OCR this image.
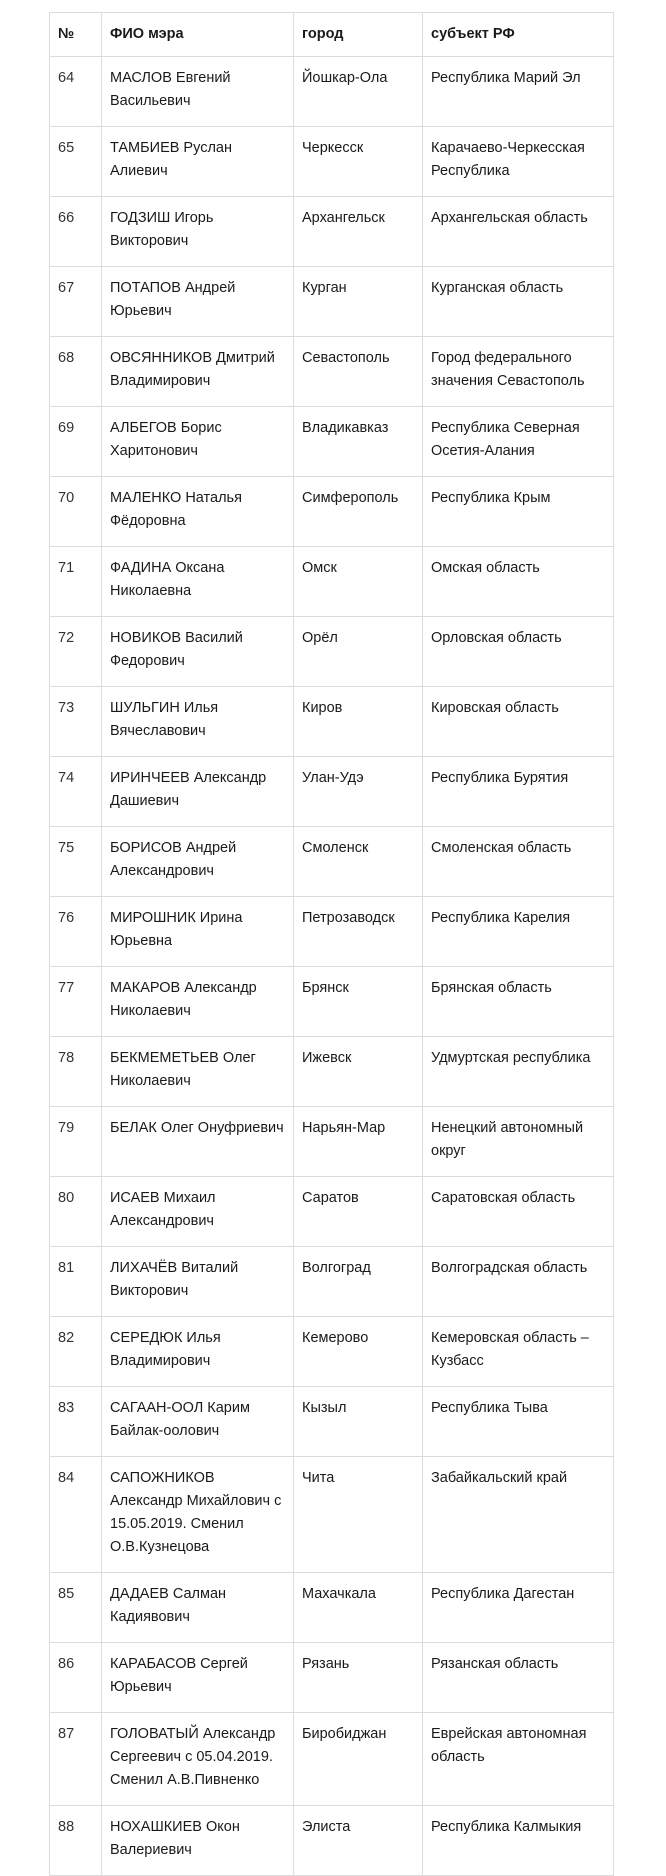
№	ФИО мэра	город	субъект РФ
64	МАСЛОВ Евгений Васильевич	Йошкар-Ола	Республика Марий Эл
65	ТАМБИЕВ Руслан Алиевич	Черкесск	Карачаево-Черкесская Республика
66	ГОДЗИШ Игорь Викторович	Архангельск	Архангельская область
67	ПОТАПОВ Андрей Юрьевич	Курган	Курганская область
68	ОВСЯННИКОВ Дмитрий Владимирович	Севастополь	Город федерального значения Севастополь
69	АЛБЕГОВ Борис Харитонович	Владикавказ	Республика Северная Осетия-Алания
70	МАЛЕНКО Наталья Фёдоровна	Симферополь	Республика Крым
71	ФАДИНА Оксана Николаевна	Омск	Омская область
72	НОВИКОВ Василий Федорович	Орёл	Орловская область
73	ШУЛЬГИН Илья Вячеславович	Киров	Кировская область
74	ИРИНЧЕЕВ Александр Дашиевич	Улан-Удэ	Республика Бурятия
75	БОРИСОВ Андрей Александрович	Смоленск	Смоленская область
76	МИРОШНИК Ирина Юрьевна	Петрозаводск	Республика Карелия
77	МАКАРОВ Александр Николаевич	Брянск	Брянская область
78	БЕКМЕМЕТЬЕВ Олег Николаевич	Ижевск	Удмуртская республика
79	БЕЛАК Олег Онуфриевич	Нарьян-Мар	Ненецкий автономный округ
80	ИСАЕВ Михаил Александрович	Саратов	Саратовская область
81	ЛИХАЧЁВ Виталий Викторович	Волгоград	Волгоградская область
82	СЕРЕДЮК Илья Владимирович	Кемерово	Кемеровская область – Кузбасс
83	САГААН-ООЛ Карим Байлак-оолович	Кызыл	Республика Тыва
84	САПОЖНИКОВ Александр Михайлович с 15.05.2019. Сменил О.В.Кузнецова	Чита	Забайкальский край
85	ДАДАЕВ Салман Кадиявович	Махачкала	Республика Дагестан
86	КАРАБАСОВ Сергей Юрьевич	Рязань	Рязанская область
87	ГОЛОВАТЫЙ Александр Сергеевич с 05.04.2019. Сменил А.В.Пивненко	Биробиджан	Еврейская автономная область
88	НОХАШКИЕВ Окон Валериевич	Элиста	Республика Калмыкия
